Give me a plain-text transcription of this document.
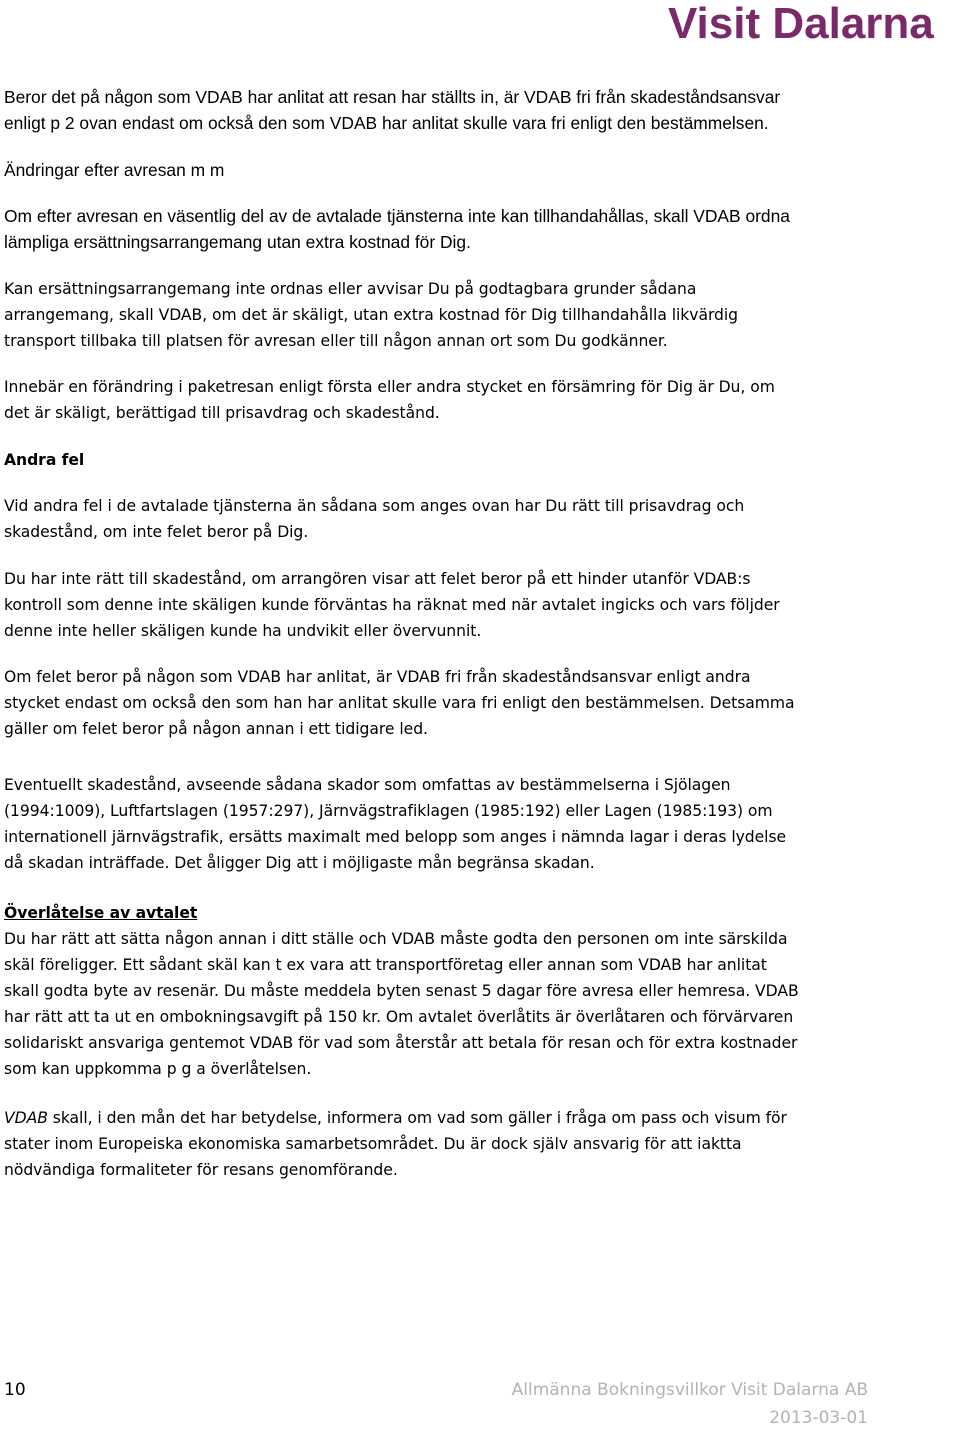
Visit Dalarna
Beror det på någon som VDAB har anlitat att resan har ställts in, är VDAB fri från skadeståndsansvar
enligt p 2 ovan endast om också den som VDAB har anlitat skulle vara fri enligt den bestämmelsen.
Ändringar efter avresan m m
Om efter avresan en väsentlig del av de avtalade tjänsterna inte kan tillhandahållas, skall VDAB ordna
lämpliga ersättningsarrangemang utan extra kostnad för Dig.
Kan ersättningsarrangemang inte ordnas eller avvisar Du på godtagbara grunder sådana
arrangemang, skall VDAB, om det är skäligt, utan extra kostnad för Dig tillhandahålla likvärdig
transport tillbaka till platsen för avresan eller till någon annan ort som Du godkänner.
Innebär en förändring i paketresan enligt första eller andra stycket en försämring för Dig är Du, om
det är skäligt, berättigad till prisavdrag och skadestånd.
Andra fel
Vid andra fel i de avtalade tjänsterna än sådana som anges ovan har Du rätt till prisavdrag och
skadestånd, om inte felet beror på Dig.
Du har inte rätt till skadestånd, om arrangören visar att felet beror på ett hinder utanför VDAB:s
kontroll som denne inte skäligen kunde förväntas ha räknat med när avtalet ingicks och vars följder
denne inte heller skäligen kunde ha undvikit eller övervunnit.
Om felet beror på någon som VDAB har anlitat, är VDAB fri från skadeståndsansvar enligt andra
stycket endast om också den som han har anlitat skulle vara fri enligt den bestämmelsen. Detsamma
gäller om felet beror på någon annan i ett tidigare led.
Eventuellt skadestånd, avseende sådana skador som omfattas av bestämmelserna i Sjölagen
(1994:1009), Luftfartslagen (1957:297), Järnvägstrafiklagen (1985:192) eller Lagen (1985:193) om
internationell järnvägstrafik, ersätts maximalt med belopp som anges i nämnda lagar i deras lydelse
då skadan inträffade. Det åligger Dig att i möjligaste mån begränsa skadan.
Överlåtelse av avtalet
Du har rätt att sätta någon annan i ditt ställe och VDAB måste godta den personen om inte särskilda
skäl föreligger. Ett sådant skäl kan t ex vara att transportföretag eller annan som VDAB har anlitat
skall godta byte av resenär. Du måste meddela byten senast 5 dagar före avresa eller hemresa. VDAB
har rätt att ta ut en ombokningsavgift på 150 kr. Om avtalet överlåtits är överlåtaren och förvärvaren
solidariskt ansvariga gentemot VDAB för vad som återstår att betala för resan och för extra kostnader
som kan uppkomma p g a överlåtelsen.
VDAB skall, i den mån det har betydelse, informera om vad som gäller i fråga om pass och visum för
stater inom Europeiska ekonomiska samarbetsområdet. Du är dock själv ansvarig för att iaktta
nödvändiga formaliteter för resans genomförande.
10	Allmänna Bokningsvillkor Visit Dalarna AB
2013-03-01
